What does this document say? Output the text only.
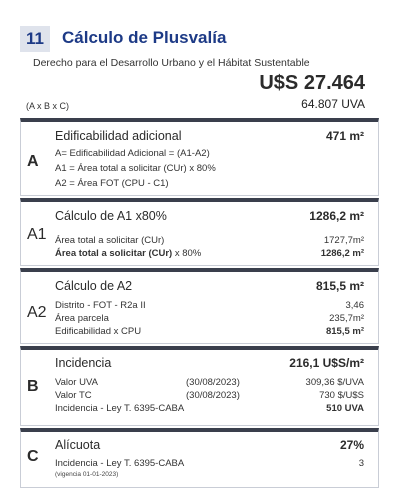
11	Cálculo de Plusvalía
Derecho para el Desarrollo Urbano y el Hábitat Sustentable
U$S 27.464
(A x B x C)	64.807 UVA
A
Edificabilidad adicional	471 m²
A= Edificabilidad Adicional = (A1-A2)
A1 = Área total a solicitar (CUr) x 80%
A2 = Área FOT (CPU - C1)
A1
Cálculo de A1 x80%	1286,2 m²
Área total a solicitar (CUr)	1727,7m²
Área total a solicitar (CUr) x 80%	1286,2 m²
A2
Cálculo de A2	815,5 m²
Distrito - FOT - R2a II	3,46
Área parcela	235,7m²
Edificabilidad x CPU	815,5 m²
B
Incidencia	216,1 U$S/m²
Valor UVA	(30/08/2023)	309,36 $/UVA
Valor TC	(30/08/2023)	730 $/U$S
Incidencia - Ley T. 6395-CABA	510 UVA
C
Alícuota	27%
Incidencia - Ley T. 6395-CABA	3
(vigencia 01-01-2023)
